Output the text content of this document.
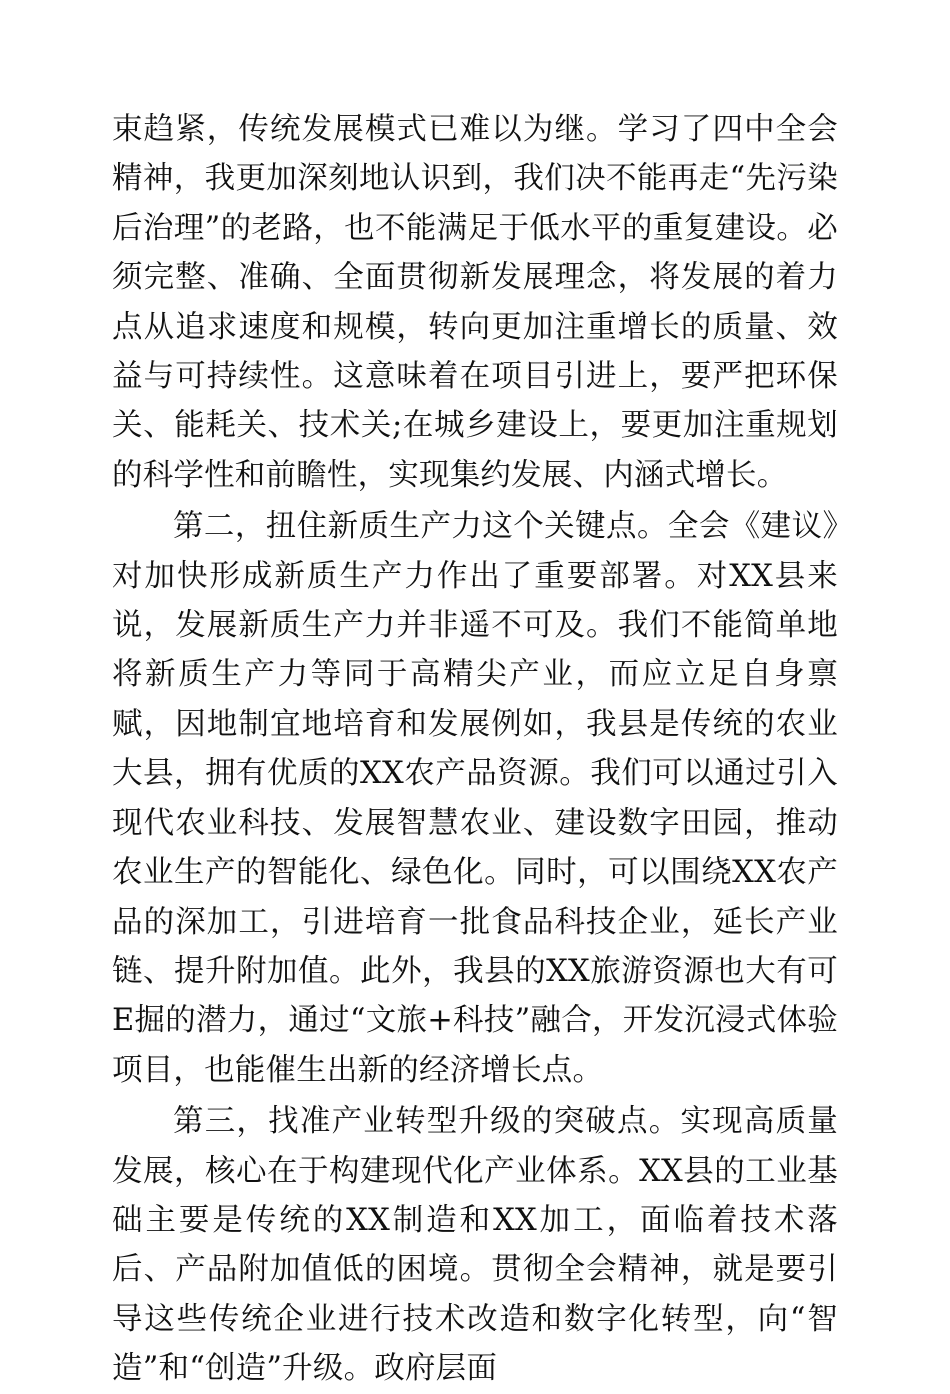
束趋紧，传统发展模式已难以为继。学习了四中全会精神，我更加深刻地认识到，我们决不能再走“先污染后治理”的老路，也不能满足于低水平的重复建设。必须完整、准确、全面贯彻新发展理念，将发展的着力点从追求速度和规模，转向更加注重增长的质量、效益与可持续性。这意味着在项目引进上，要严把环保关、能耗关、技术关;在城乡建设上，要更加注重规划的科学性和前瞻性，实现集约发展、内涵式增长。

第二，扭住新质生产力这个关键点。全会《建议》对加快形成新质生产力作出了重要部署。对XX县来说，发展新质生产力并非遥不可及。我们不能简单地将新质生产力等同于高精尖产业，而应立足自身禀赋，因地制宜地培育和发展例如，我县是传统的农业大县，拥有优质的XX农产品资源。我们可以通过引入现代农业科技、发展智慧农业、建设数字田园，推动农业生产的智能化、绿色化。同时，可以围绕XX农产品的深加工，引进培育一批食品科技企业，延长产业链、提升附加值。此外，我县的XX旅游资源也大有可E掘的潜力，通过“文旅+科技”融合，开发沉浸式体验项目，也能催生出新的经济增长点。

第三，找准产业转型升级的突破点。实现高质量发展，核心在于构建现代化产业体系。XX县的工业基础主要是传统的XX制造和XX加工，面临着技术落后、产品附加值低的困境。贯彻全会精神，就是要引导这些传统企业进行技术改造和数字化转型，向“智造”和“创造”升级。政府层面
